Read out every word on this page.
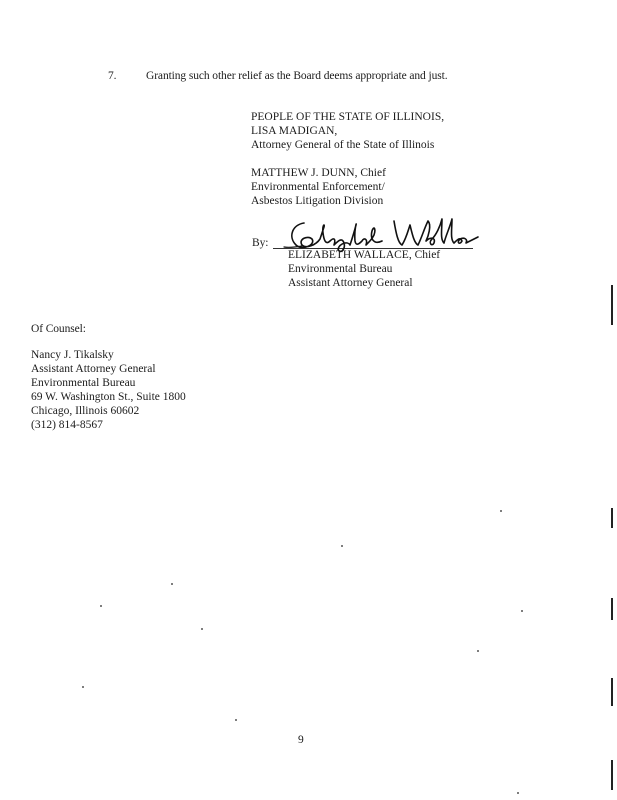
7.	Granting such other relief as the Board deems appropriate and just.
PEOPLE OF THE STATE OF ILLINOIS,
LISA MADIGAN,
Attorney General of the State of Illinois
MATTHEW J. DUNN, Chief
Environmental Enforcement/
Asbestos Litigation Division
By:
ELIZABETH WALLACE, Chief
Environmental Bureau
Assistant Attorney General
Of Counsel:
Nancy J. Tikalsky
Assistant Attorney General
Environmental Bureau
69 W. Washington St., Suite 1800
Chicago, Illinois 60602
(312) 814-8567
9
